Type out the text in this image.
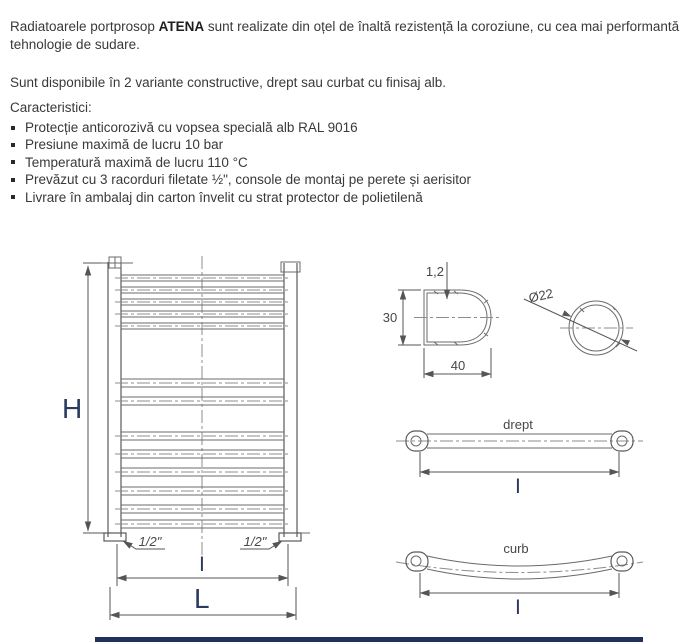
Radiatoarele portprosop ATENA sunt realizate din oțel de înaltă rezistență la coroziune, cu cea mai performantă tehnologie de sudare.

Sunt disponibile în 2 variante constructive, drept sau curbat cu finisaj alb.

Caracteristici:
Protecție anticorozivă cu vopsea specială alb RAL 9016
Presiune maximă de lucru 10 bar
Temperatură maximă de lucru 110 °C
Prevăzut cu 3 racorduri filetate ½", console de montaj pe perete și aerisitor
Livrare în ambalaj din carton învelit cu strat protector de polietilenă
H
1/2"	1/2"
I
L
1,2
30
40
Ø22
drept
I
curb
I
